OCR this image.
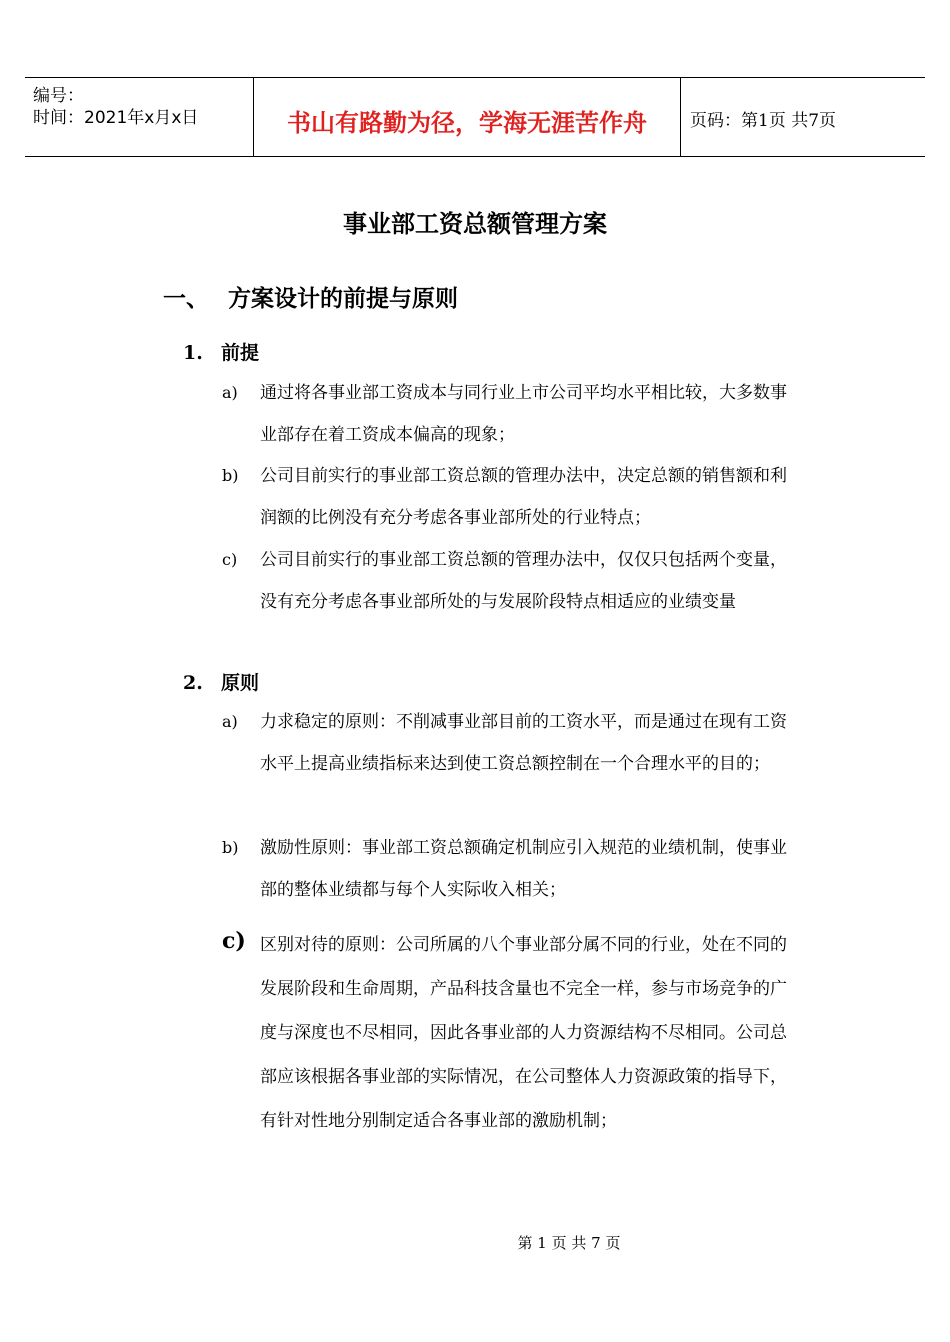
编号：
时间：2021年x月x日	书山有路勤为径，学海无涯苦作舟	页码：第1页 共7页
事业部工资总额管理方案
一、 方案设计的前提与原则
1. 前提
a) 通过将各事业部工资成本与同行业上市公司平均水平相比较，大多数事业部存在着工资成本偏高的现象；
b) 公司目前实行的事业部工资总额的管理办法中，决定总额的销售额和利润额的比例没有充分考虑各事业部所处的行业特点；
c) 公司目前实行的事业部工资总额的管理办法中，仅仅只包括两个变量，没有充分考虑各事业部所处的与发展阶段特点相适应的业绩变量
2. 原则
a) 力求稳定的原则：不削减事业部目前的工资水平，而是通过在现有工资水平上提高业绩指标来达到使工资总额控制在一个合理水平的目的；
b) 激励性原则：事业部工资总额确定机制应引入规范的业绩机制，使事业部的整体业绩都与每个人实际收入相关；
c) 区别对待的原则：公司所属的八个事业部分属不同的行业，处在不同的发展阶段和生命周期，产品科技含量也不完全一样，参与市场竞争的广度与深度也不尽相同，因此各事业部的人力资源结构不尽相同。公司总部应该根据各事业部的实际情况，在公司整体人力资源政策的指导下，有针对性地分别制定适合各事业部的激励机制；
第 1 页 共 7 页
